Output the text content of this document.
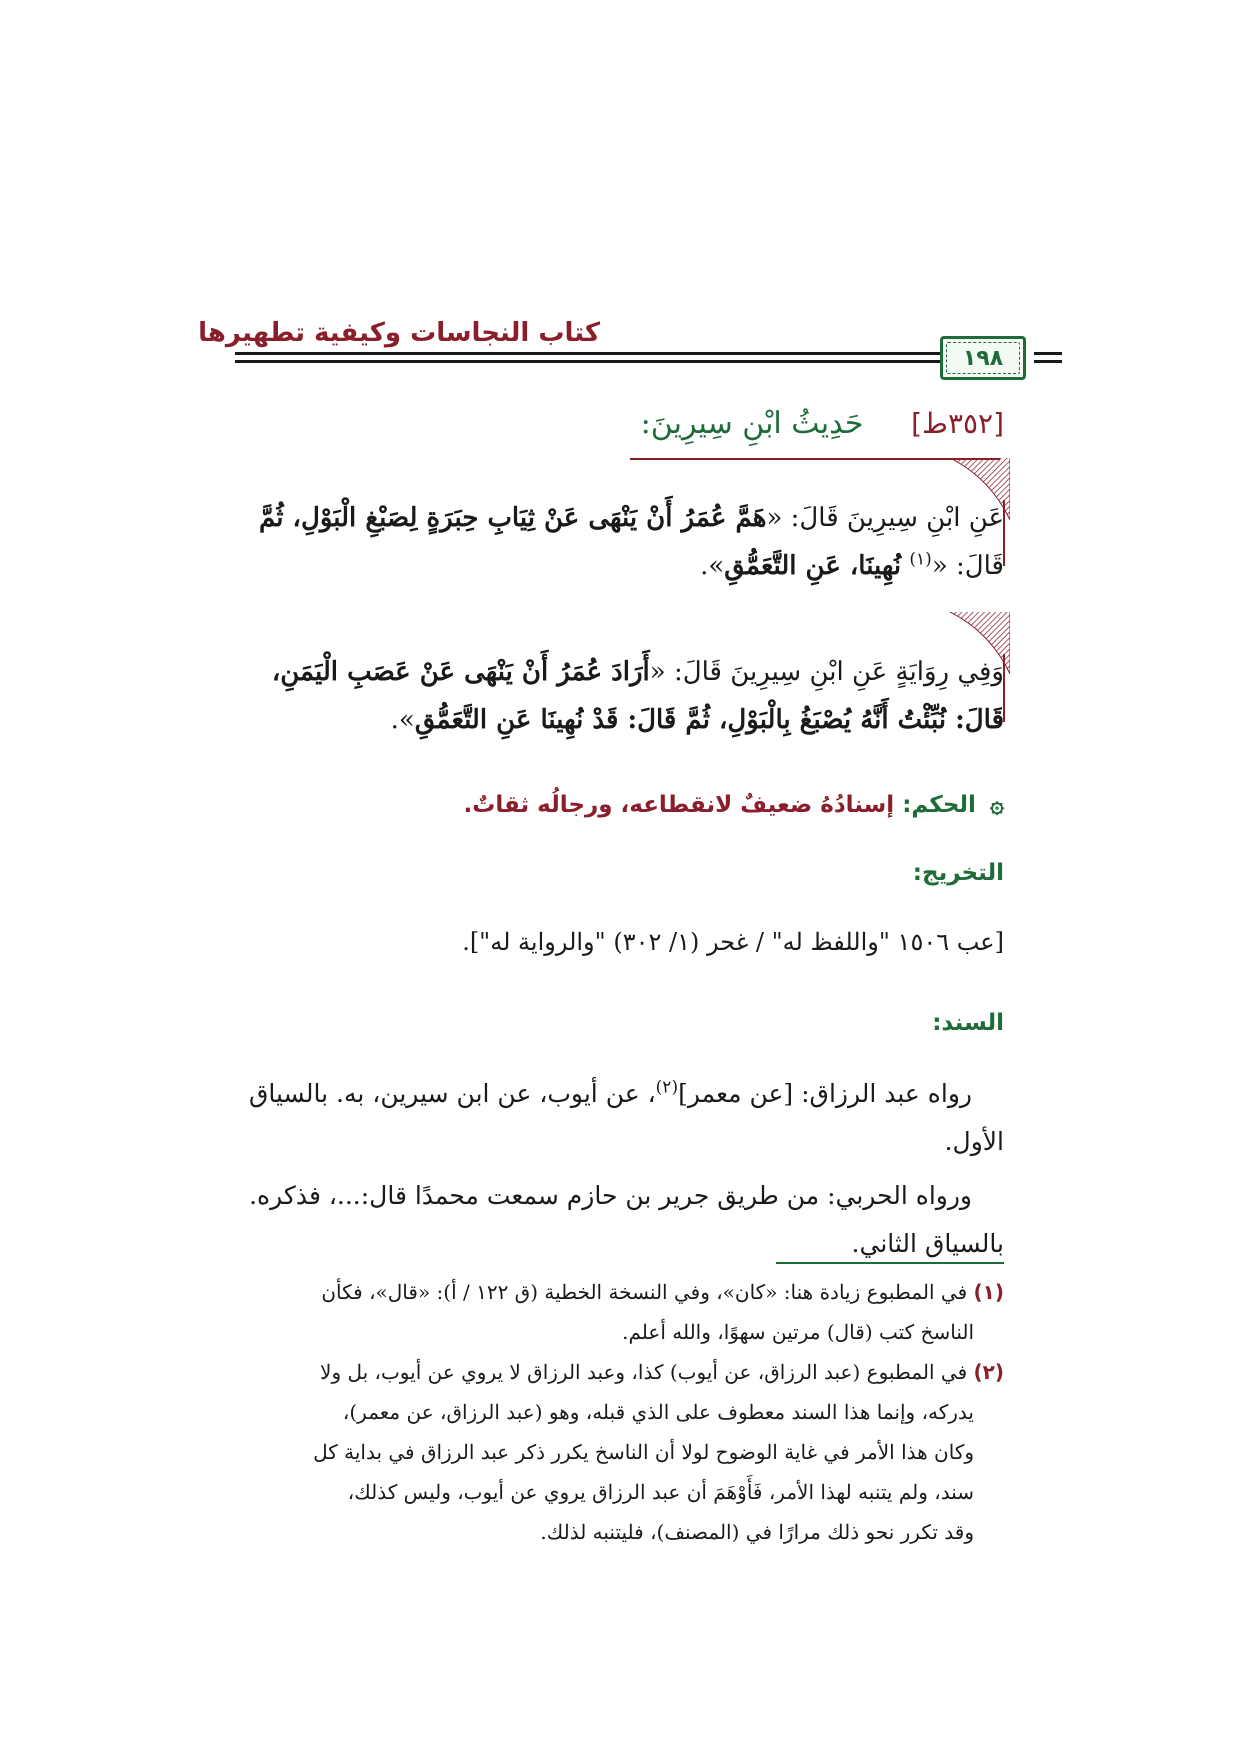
كتاب النجاسات وكيفية تطهيرها
١٩٨
[٣٥٢ط]     حَدِيثُ ابْنِ سِيرِينَ:
عَنِ ابْنِ سِيرِينَ قَالَ: «هَمَّ عُمَرُ أَنْ يَنْهَى عَنْ ثِيَابِ حِبَرَةٍ لِصَبْغِ الْبَوْلِ، ثُمَّ
قَالَ: «$^{(١)}$ نُهِينَا، عَنِ التَّعَمُّقِ».
وَفِي رِوَايَةٍ عَنِ ابْنِ سِيرِينَ قَالَ: «أَرَادَ عُمَرُ أَنْ يَنْهَى عَنْ عَصَبِ الْيَمَنِ،
قَالَ: نُبِّئْتُ أَنَّهُ يُصْبَغُ بِالْبَوْلِ، ثُمَّ قَالَ: قَدْ نُهِينَا عَنِ التَّعَمُّقِ».
۞ الحكم: إسنادُهُ ضعيفٌ لانقطاعه، ورجالُه ثقاتٌ.
التخريج:
[عب ١٥٠٦ "واللفظ له" / غحر (١/ ٣٠٢) "والرواية له"].
السند:
رواه عبد الرزاق: [عن معمر]$^{(٢)}$، عن أيوب، عن ابن سيرين، به. بالسياق الأول.
ورواه الحربي: من طريق جرير بن حازم سمعت محمدًا قال:...، فذكره. بالسياق الثاني.

(١) في المطبوع زيادة هنا: «كان»، وفي النسخة الخطية (ق ١٢٢ / أ): «قال»، فكأن

الناسخ كتب (قال) مرتين سهوًا، والله أعلم.

(٢) في المطبوع (عبد الرزاق، عن أيوب) كذا، وعبد الرزاق لا يروي عن أيوب، بل ولا

يدركه، وإنما هذا السند معطوف على الذي قبله، وهو (عبد الرزاق، عن معمر)،

وكان هذا الأمر في غاية الوضوح لولا أن الناسخ يكرر ذكر عبد الرزاق في بداية كل

سند، ولم يتنبه لهذا الأمر، فَأَوْهَمَ أن عبد الرزاق يروي عن أيوب، وليس كذلك،

وقد تكرر نحو ذلك مرارًا في (المصنف)، فليتنبه لذلك.
